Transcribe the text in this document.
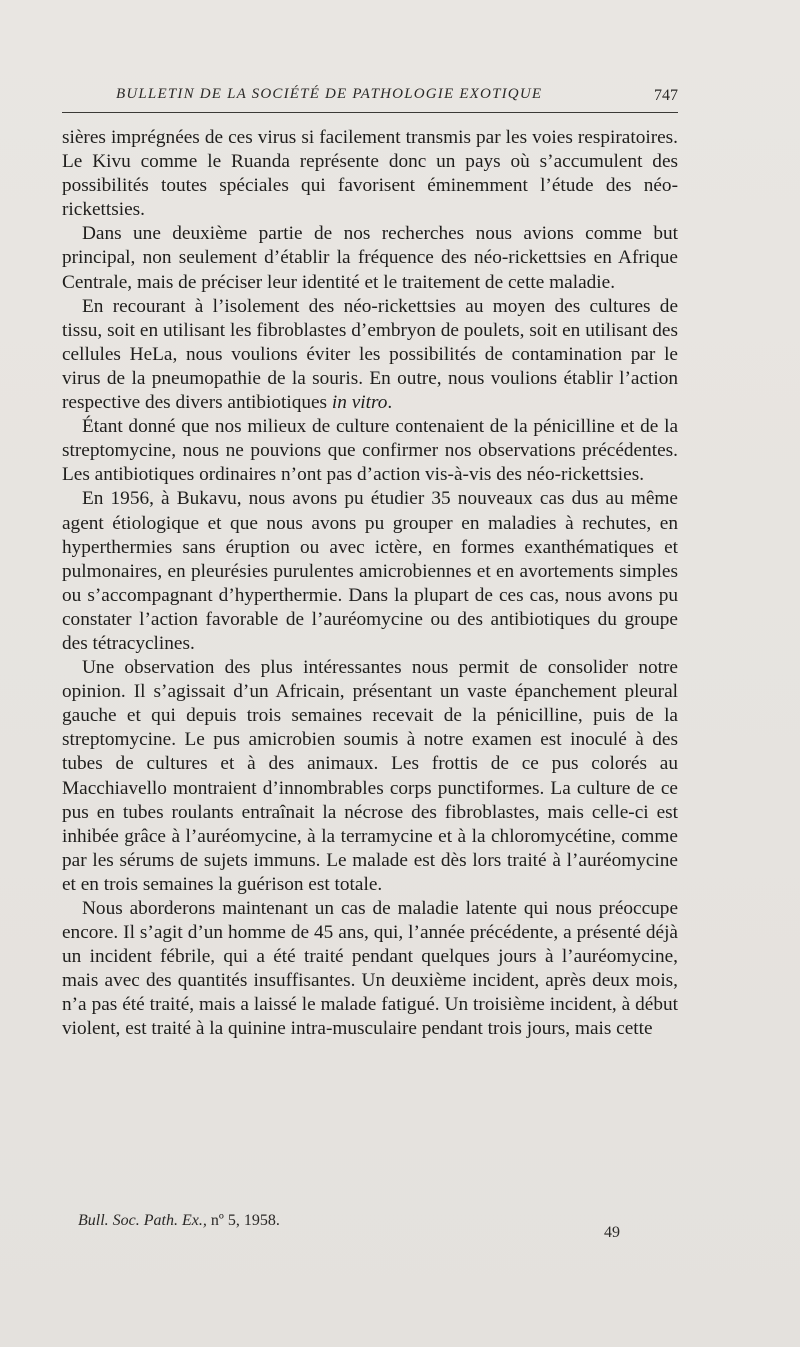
BULLETIN DE LA SOCIÉTÉ DE PATHOLOGIE EXOTIQUE	747

sières imprégnées de ces virus si facilement transmis par les voies respiratoires. Le Kivu comme le Ruanda représente donc un pays où s’accumulent des possibilités toutes spéciales qui favorisent éminemment l’étude des néo-rickettsies.

Dans une deuxième partie de nos recherches nous avions comme but principal, non seulement d’établir la fréquence des néo-rickettsies en Afrique Centrale, mais de préciser leur identité et le traitement de cette maladie.

En recourant à l’isolement des néo-rickettsies au moyen des cultures de tissu, soit en utilisant les fibroblastes d’embryon de poulets, soit en utilisant des cellules HeLa, nous voulions éviter les possibilités de contamination par le virus de la pneumopathie de la souris. En outre, nous voulions établir l’action respective des divers antibiotiques in vitro.

Étant donné que nos milieux de culture contenaient de la pénicilline et de la streptomycine, nous ne pouvions que confirmer nos observations précédentes. Les antibiotiques ordinaires n’ont pas d’action vis-à-vis des néo-rickettsies.

En 1956, à Bukavu, nous avons pu étudier 35 nouveaux cas dus au même agent étiologique et que nous avons pu grouper en maladies à rechutes, en hyperthermies sans éruption ou avec ictère, en formes exanthématiques et pulmonaires, en pleurésies purulentes amicrobiennes et en avortements simples ou s’accompagnant d’hyperthermie. Dans la plupart de ces cas, nous avons pu constater l’action favorable de l’auréomycine ou des antibiotiques du groupe des tétracyclines.

Une observation des plus intéressantes nous permit de consolider notre opinion. Il s’agissait d’un Africain, présentant un vaste épanchement pleural gauche et qui depuis trois semaines recevait de la pénicilline, puis de la streptomycine. Le pus amicrobien soumis à notre examen est inoculé à des tubes de cultures et à des animaux. Les frottis de ce pus colorés au Macchiavello montraient d’innombrables corps punctiformes. La culture de ce pus en tubes roulants entraînait la nécrose des fibroblastes, mais celle-ci est inhibée grâce à l’auréomycine, à la terramycine et à la chloromycétine, comme par les sérums de sujets immuns. Le malade est dès lors traité à l’auréomycine et en trois semaines la guérison est totale.

Nous aborderons maintenant un cas de maladie latente qui nous préoccupe encore. Il s’agit d’un homme de 45 ans, qui, l’année précédente, a présenté déjà un incident fébrile, qui a été traité pendant quelques jours à l’auréomycine, mais avec des quantités insuffisantes. Un deuxième incident, après deux mois, n’a pas été traité, mais a laissé le malade fatigué. Un troisième incident, à début violent, est traité à la quinine intra-musculaire pendant trois jours, mais cette

Bull. Soc. Path. Ex., nº 5, 1958.
49
